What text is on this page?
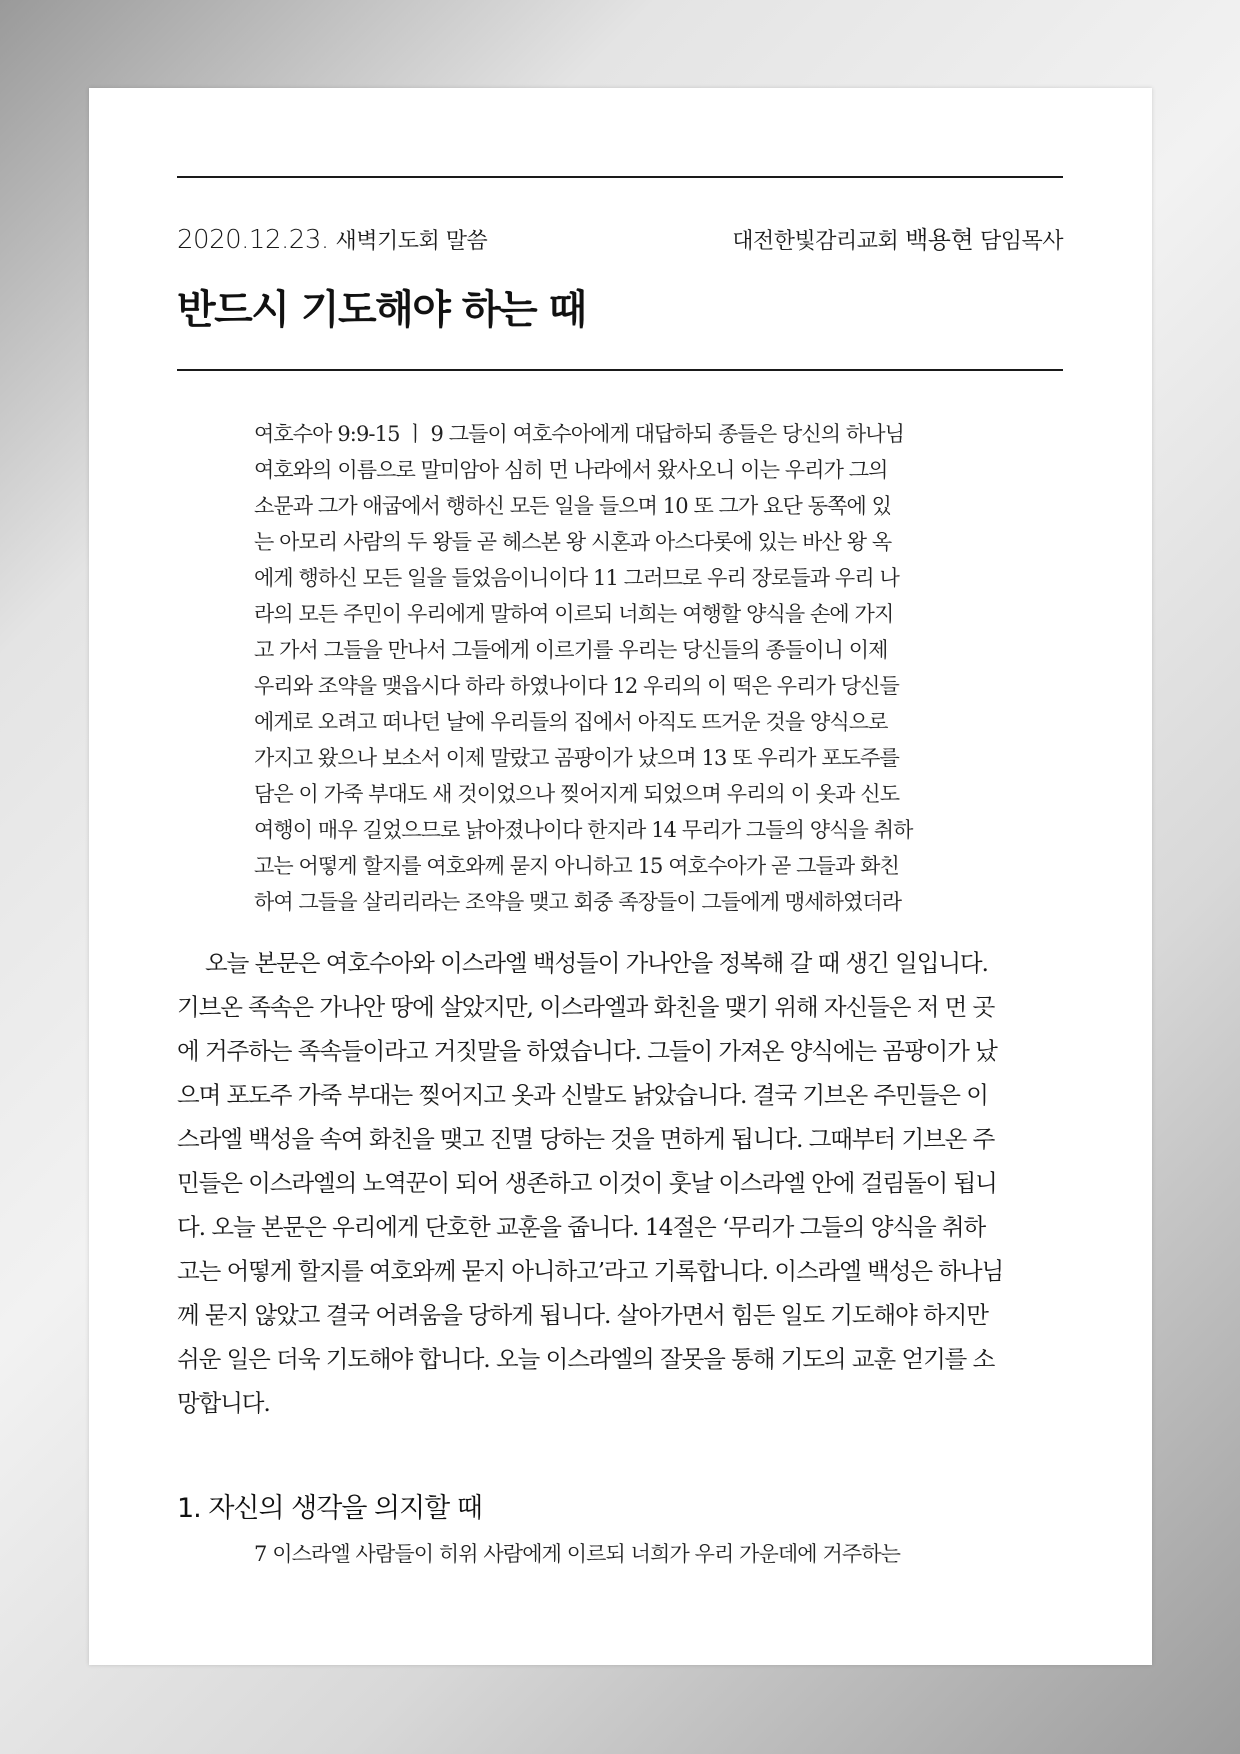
2020.12.23. 새벽기도회 말씀	대전한빛감리교회 백용현 담임목사
반드시 기도해야 하는 때
여호수아 9:9-15 ㅣ 9 그들이 여호수아에게 대답하되 종들은 당신의 하나님
여호와의 이름으로 말미암아 심히 먼 나라에서 왔사오니 이는 우리가 그의
소문과 그가 애굽에서 행하신 모든 일을 들으며 10 또 그가 요단 동쪽에 있
는 아모리 사람의 두 왕들 곧 헤스본 왕 시혼과 아스다롯에 있는 바산 왕 옥
에게 행하신 모든 일을 들었음이니이다 11 그러므로 우리 장로들과 우리 나
라의 모든 주민이 우리에게 말하여 이르되 너희는 여행할 양식을 손에 가지
고 가서 그들을 만나서 그들에게 이르기를 우리는 당신들의 종들이니 이제
우리와 조약을 맺읍시다 하라 하였나이다 12 우리의 이 떡은 우리가 당신들
에게로 오려고 떠나던 날에 우리들의 집에서 아직도 뜨거운 것을 양식으로
가지고 왔으나 보소서 이제 말랐고 곰팡이가 났으며 13 또 우리가 포도주를
담은 이 가죽 부대도 새 것이었으나 찢어지게 되었으며 우리의 이 옷과 신도
여행이 매우 길었으므로 낡아졌나이다 한지라 14 무리가 그들의 양식을 취하
고는 어떻게 할지를 여호와께 묻지 아니하고 15 여호수아가 곧 그들과 화친
하여 그들을 살리리라는 조약을 맺고 회중 족장들이 그들에게 맹세하였더라
오늘 본문은 여호수아와 이스라엘 백성들이 가나안을 정복해 갈 때 생긴 일입니다.
기브온 족속은 가나안 땅에 살았지만, 이스라엘과 화친을 맺기 위해 자신들은 저 먼 곳
에 거주하는 족속들이라고 거짓말을 하였습니다. 그들이 가져온 양식에는 곰팡이가 났
으며 포도주 가죽 부대는 찢어지고 옷과 신발도 낡았습니다. 결국 기브온 주민들은 이
스라엘 백성을 속여 화친을 맺고 진멸 당하는 것을 면하게 됩니다. 그때부터 기브온 주
민들은 이스라엘의 노역꾼이 되어 생존하고 이것이 훗날 이스라엘 안에 걸림돌이 됩니
다. 오늘 본문은 우리에게 단호한 교훈을 줍니다. 14절은 ‘무리가 그들의 양식을 취하
고는 어떻게 할지를 여호와께 묻지 아니하고’라고 기록합니다. 이스라엘 백성은 하나님
께 묻지 않았고 결국 어려움을 당하게 됩니다. 살아가면서 힘든 일도 기도해야 하지만
쉬운 일은 더욱 기도해야 합니다. 오늘 이스라엘의 잘못을 통해 기도의 교훈 얻기를 소
망합니다.
1. 자신의 생각을 의지할 때
7 이스라엘 사람들이 히위 사람에게 이르되 너희가 우리 가운데에 거주하는
